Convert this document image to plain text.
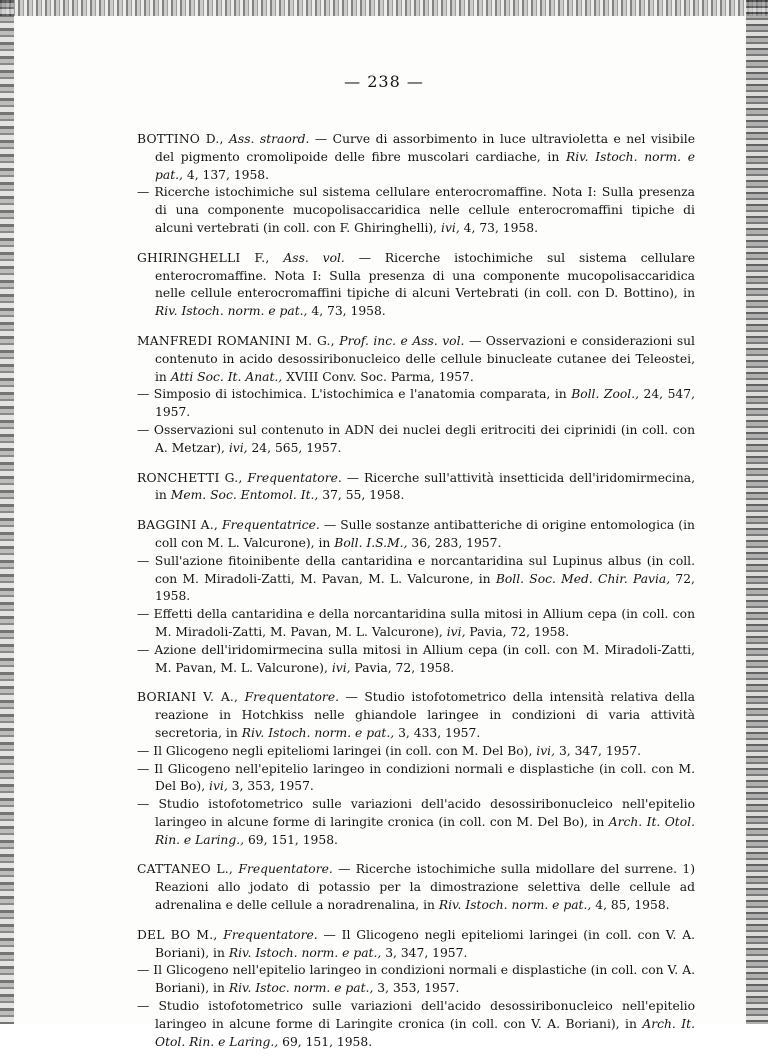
— 238 —
BOTTINO D., Ass. straord. — Curve di assorbimento in luce ultravioletta e nel visibile del pigmento cromolipoide delle fibre muscolari cardiache, in Riv. Istoch. norm. e pat., 4, 137, 1958.
— Ricerche istochimiche sul sistema cellulare enterocromaffine. Nota I: Sulla presenza di una componente mucopolisaccaridica nelle cellule enterocromaffini tipiche di alcuni vertebrati (in coll. con F. Ghiringhelli), ivi, 4, 73, 1958.
GHIRINGHELLI F., Ass. vol. — Ricerche istochimiche sul sistema cellulare enterocromaffine. Nota I: Sulla presenza di una componente mucopolisaccaridica nelle cellule enterocromaffini tipiche di alcuni Vertebrati (in coll. con D. Bottino), in Riv. Istoch. norm. e pat., 4, 73, 1958.
MANFREDI ROMANINI M. G., Prof. inc. e Ass. vol. — Osservazioni e considerazioni sul contenuto in acido desossiribonucleico delle cellule binucleate cutanee dei Teleostei, in Atti Soc. It. Anat., XVIII Conv. Soc. Parma, 1957.
— Simposio di istochimica. L'istochimica e l'anatomia comparata, in Boll. Zool., 24, 547, 1957.
— Osservazioni sul contenuto in ADN dei nuclei degli eritrociti dei ciprinidi (in coll. con A. Metzar), ivi, 24, 565, 1957.
RONCHETTI G., Frequentatore. — Ricerche sull'attività insetticida dell'iridomirmecina, in Mem. Soc. Entomol. It., 37, 55, 1958.
BAGGINI A., Frequentatrice. — Sulle sostanze antibatteriche di origine entomologica (in coll con M. L. Valcurone), in Boll. I.S.M., 36, 283, 1957.
— Sull'azione fitoinibente della cantaridina e norcantaridina sul Lupinus albus (in coll. con M. Miradoli-Zatti, M. Pavan, M. L. Valcurone, in Boll. Soc. Med. Chir. Pavia, 72, 1958.
— Effetti della cantaridina e della norcantaridina sulla mitosi in Allium cepa (in coll. con M. Miradoli-Zatti, M. Pavan, M. L. Valcurone), ivi, Pavia, 72, 1958.
— Azione dell'iridomirmecina sulla mitosi in Allium cepa (in coll. con M. Miradoli-Zatti, M. Pavan, M. L. Valcurone), ivi, Pavia, 72, 1958.
BORIANI V. A., Frequentatore. — Studio istofotometrico della intensità relativa della reazione in Hotchkiss nelle ghiandole laringee in condizioni di varia attività secretoria, in Riv. Istoch. norm. e pat., 3, 433, 1957.
— Il Glicogeno negli epiteliomi laringei (in coll. con M. Del Bo), ivi, 3, 347, 1957.
— Il Glicogeno nell'epitelio laringeo in condizioni normali e displastiche (in coll. con M. Del Bo), ivi, 3, 353, 1957.
— Studio istofotometrico sulle variazioni dell'acido desossiribonucleico nell'epitelio laringeo in alcune forme di laringite cronica (in coll. con M. Del Bo), in Arch. It. Otol. Rin. e Laring., 69, 151, 1958.
CATTANEO L., Frequentatore. — Ricerche istochimiche sulla midollare del surrene. 1) Reazioni allo jodato di potassio per la dimostrazione selettiva delle cellule ad adrenalina e delle cellule a noradrenalina, in Riv. Istoch. norm. e pat., 4, 85, 1958.
DEL BO M., Frequentatore. — Il Glicogeno negli epiteliomi laringei (in coll. con V. A. Boriani), in Riv. Istoch. norm. e pat., 3, 347, 1957.
— Il Glicogeno nell'epitelio laringeo in condizioni normali e displastiche (in coll. con V. A. Boriani), in Riv. Istoc. norm. e pat., 3, 353, 1957.
— Studio istofotometrico sulle variazioni dell'acido desossiribonucleico nell'epitelio laringeo in alcune forme di Laringite cronica (in coll. con V. A. Boriani), in Arch. It. Otol. Rin. e Laring., 69, 151, 1958.
